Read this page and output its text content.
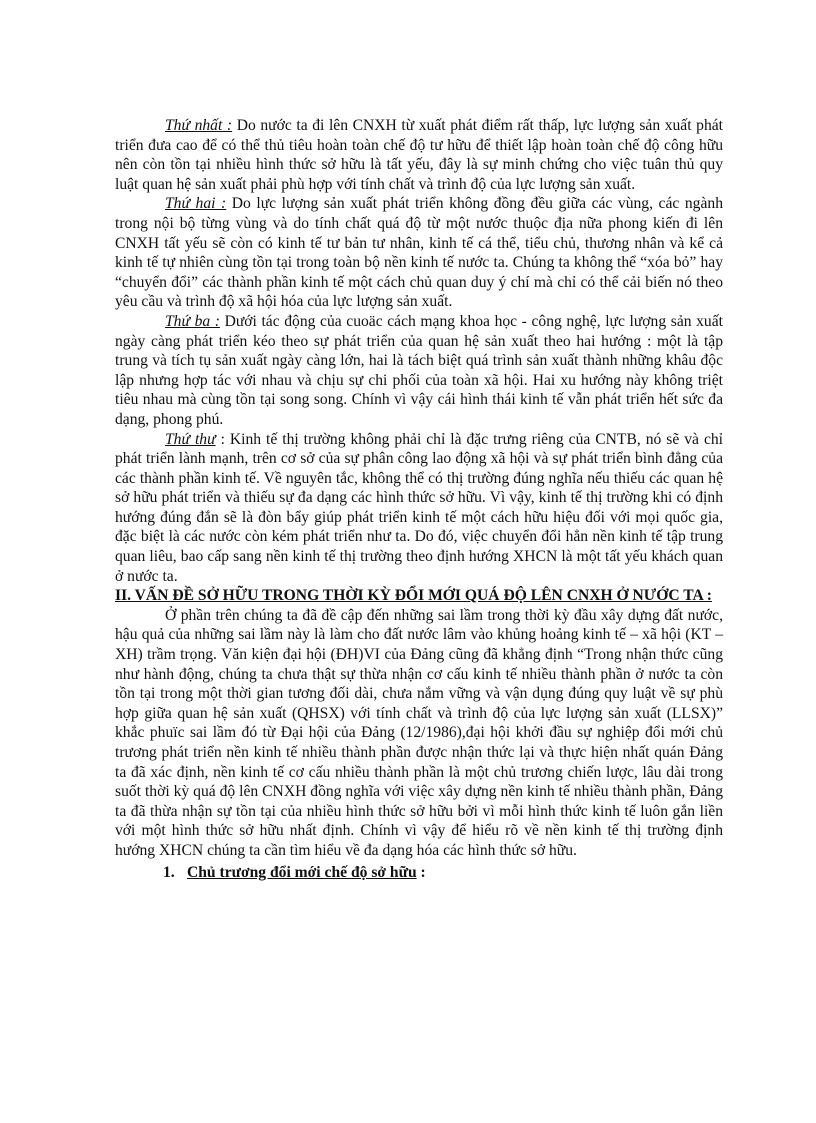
Thứ nhất : Do nước ta đi lên CNXH từ xuất phát điểm rất thấp, lực lượng sản xuất phát triển đưa cao để có thể thủ tiêu hoàn toàn chế độ tư hữu để thiết lập hoàn toàn chế độ công hữu nên còn tồn tại nhiều hình thức sở hữu là tất yếu, đây là sự minh chứng cho việc tuân thủ quy luật quan hệ sản xuất phải phù hợp với tính chất và trình độ của lực lượng sản xuất.

Thứ hai : Do lực lượng sản xuất phát triển không đồng đều giữa các vùng, các ngành trong nội bộ từng vùng và do tính chất quá độ từ một nước thuộc địa nữa phong kiến đi lên CNXH tất yếu sẽ còn có kinh tế tư bản tư nhân, kinh tế cá thể, tiểu chủ, thương nhân và kể cả kinh tế tự nhiên cùng tồn tại trong toàn bộ nền kinh tế nước ta. Chúng ta không thể “xóa bỏ” hay “chuyển đổi” các thành phần kinh tế một cách chủ quan duy ý chí mà chỉ có thể cải biến nó theo yêu cầu và trình độ xã hội hóa của lực lượng sản xuất.

Thứ ba : Dưới tác động của cuoäc cách mạng khoa học - công nghệ, lực lượng sản xuất ngày càng phát triển kéo theo sự phát triển của quan hệ sản xuất theo hai hướng : một là tập trung và tích tụ sản xuất ngày càng lớn, hai là tách biệt quá trình sản xuất thành những khâu độc lập nhưng hợp tác với nhau và chịu sự chi phối của toàn xã hội. Hai xu hướng này không triệt tiêu nhau mà cùng tồn tại song song. Chính vì vậy cái hình thái kinh tế vẫn phát triển hết sức đa dạng, phong phú.

Thứ thư : Kinh tế thị trường không phải chỉ là đặc trưng riêng của CNTB, nó sẽ và chỉ phát triển lành mạnh, trên cơ sở của sự phân công lao động xã hội và sự phát triển bình đẳng của các thành phần kinh tế. Về nguyên tắc, không thể có thị trường đúng nghĩa nếu thiếu các quan hệ sở hữu phát triển và thiếu sự đa dạng các hình thức sở hữu. Vì vậy, kinh tế thị trường khi có định hướng đúng đắn sẽ là đòn bẩy giúp phát triển kinh tế một cách hữu hiệu đối với mọi quốc gia, đặc biệt là các nước còn kém phát triển như ta. Do đó, việc chuyển đổi hẳn nền kinh tế tập trung quan liêu, bao cấp sang nền kinh tế thị trường theo định hướng XHCN là một tất yếu khách quan ở nước ta.

II. VẤN ĐỀ SỞ HỮU TRONG THỜI KỲ ĐỔI MỚI QUÁ ĐỘ LÊN CNXH Ở NƯỚC TA :

Ở phần trên chúng ta đã đề cập đến những sai lầm trong thời kỳ đầu xây dựng đất nước, hậu quả của những sai lầm này là làm cho đất nước lâm vào khủng hoảng kinh tế – xã hội (KT – XH) trầm trọng. Văn kiện đại hội (ĐH)VI của Đảng cũng đã khẳng định “Trong nhận thức cũng như hành động, chúng ta chưa thật sự thừa nhận cơ cấu kinh tế nhiều thành phần ở nước ta còn tồn tại trong một thời gian tương đối dài, chưa nắm vững và vận dụng đúng quy luật về sự phù hợp giữa quan hệ sản xuất (QHSX) với tính chất và trình độ của lực lượng sản xuất (LLSX)” khắc phuïc sai lầm đó từ Đại hội của Đảng (12/1986),đại hội khởi đầu sự nghiệp đổi mới chủ trương phát triển nền kinh tế nhiều thành phần được nhận thức lại và thực hiện nhất quán Đảng ta đã xác định, nền kinh tế cơ cấu nhiều thành phần là một chủ trương chiến lược, lâu dài trong suốt thời kỳ quá độ lên CNXH đồng nghĩa với việc xây dựng nền kinh tế nhiều thành phần, Đảng ta đã thừa nhận sự tồn tại của nhiều hình thức sở hữu bởi vì mỗi hình thức kinh tế luôn gắn liền với một hình thức sở hữu nhất định. Chính vì vậy để hiểu rõ về nền kinh tế thị trường định hướng XHCN chúng ta cần tìm hiểu về đa dạng hóa các hình thức sở hữu.

1. Chủ trương đổi mới chế độ sở hữu :
